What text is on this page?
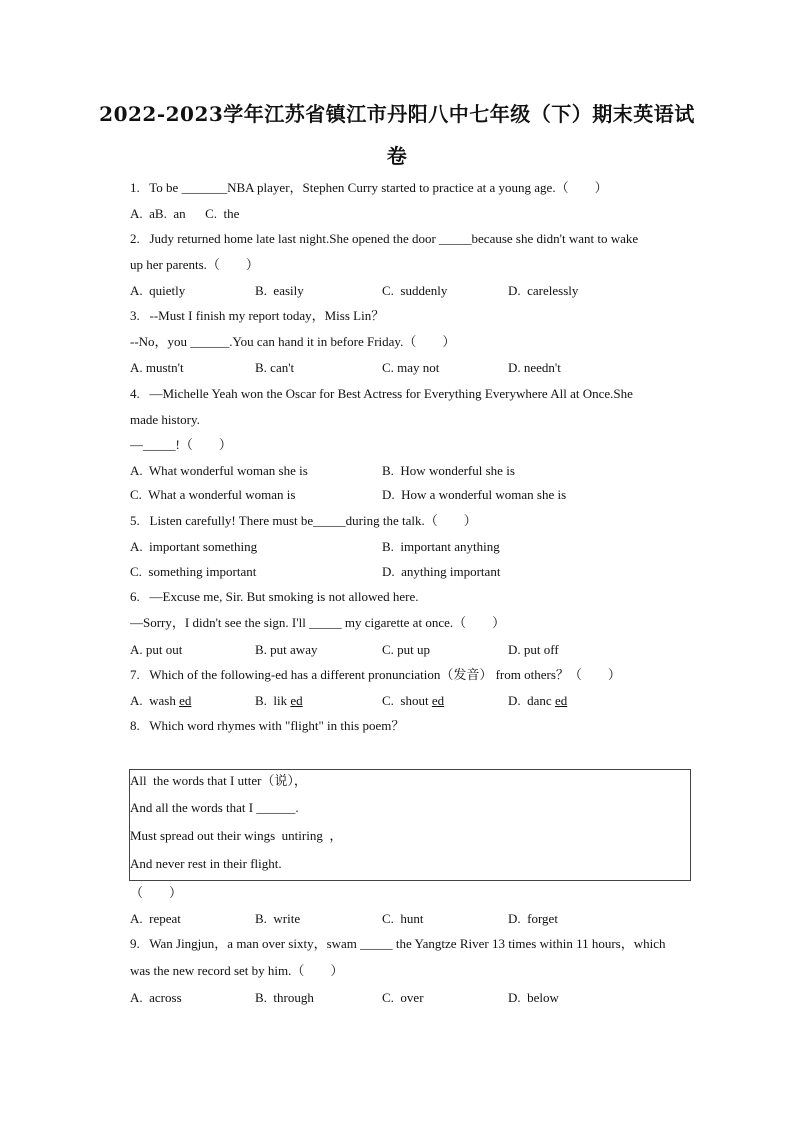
2022-2023学年江苏省镇江市丹阳八中七年级（下）期末英语试
卷
1.   To be _______NBA player，Stephen Curry started to practice at a young age.（        ）
A.  aB.  an      C.  the
2.   Judy returned home late last night.She opened the door _____because she didn't want to wake
up her parents.（        ）
A.  quietly	B.  easily	C.  suddenly	D.  carelessly
3.   --Must I finish my report today，Miss Lin？
--No，you ______.You can hand it in before Friday.（        ）
A. mustn't	B. can't	C. may not	D. needn't
4.   —Michelle Yeah won the Oscar for Best Actress for Everything Everywhere All at Once.She
made history.
—_____!（        ）
A.  What wonderful woman she is	B.  How wonderful she is
C.  What a wonderful woman is	D.  How a wonderful woman she is
5.   Listen carefully! There must be_____during the talk.（        ）
A.  important something	B.  important anything
C.  something important	D.  anything important
6.   —Excuse me, Sir. But smoking is not allowed here.
—Sorry，I didn't see the sign. I'll _____ my cigarette at once.（        ）
A. put out	B. put away	C. put up	D. put off
7.   Which of the following-ed has a different pronunciation（发音） from others？（        ）
A.  wash ed	B.  lik ed	C.  shout ed	D.  danc ed
8.   Which word rhymes with "flight" in this poem？
All  the words that I utter（说），
And all the words that I ______.
Must spread out their wings  untiring  ，
And never rest in their flight.
（        ）
A.  repeat	B.  write	C.  hunt	D.  forget
9.   Wan Jingjun，a man over sixty，swam _____ the Yangtze River 13 times within 11 hours，which
was the new record set by him.（        ）
A.  across	B.  through	C.  over	D.  below
